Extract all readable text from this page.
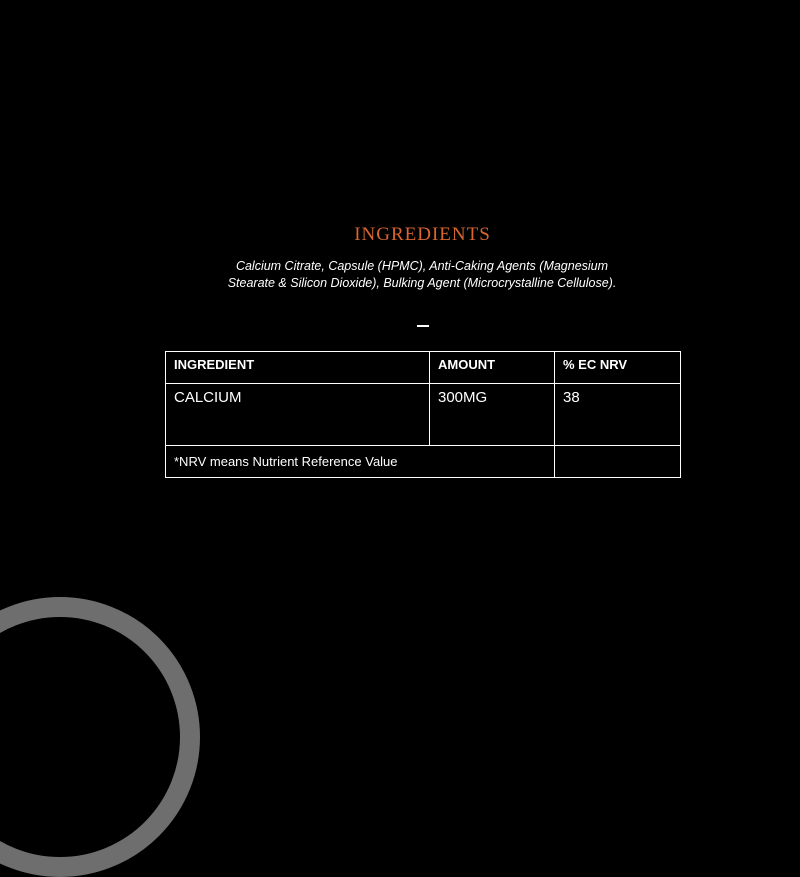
INGREDIENTS
Calcium Citrate, Capsule (HPMC), Anti-Caking Agents (Magnesium Stearate & Silicon Dioxide), Bulking Agent (Microcrystalline Cellulose).
INGREDIENT	AMOUNT	% EC NRV
CALCIUM	300MG	38
*NRV means Nutrient Reference Value		
